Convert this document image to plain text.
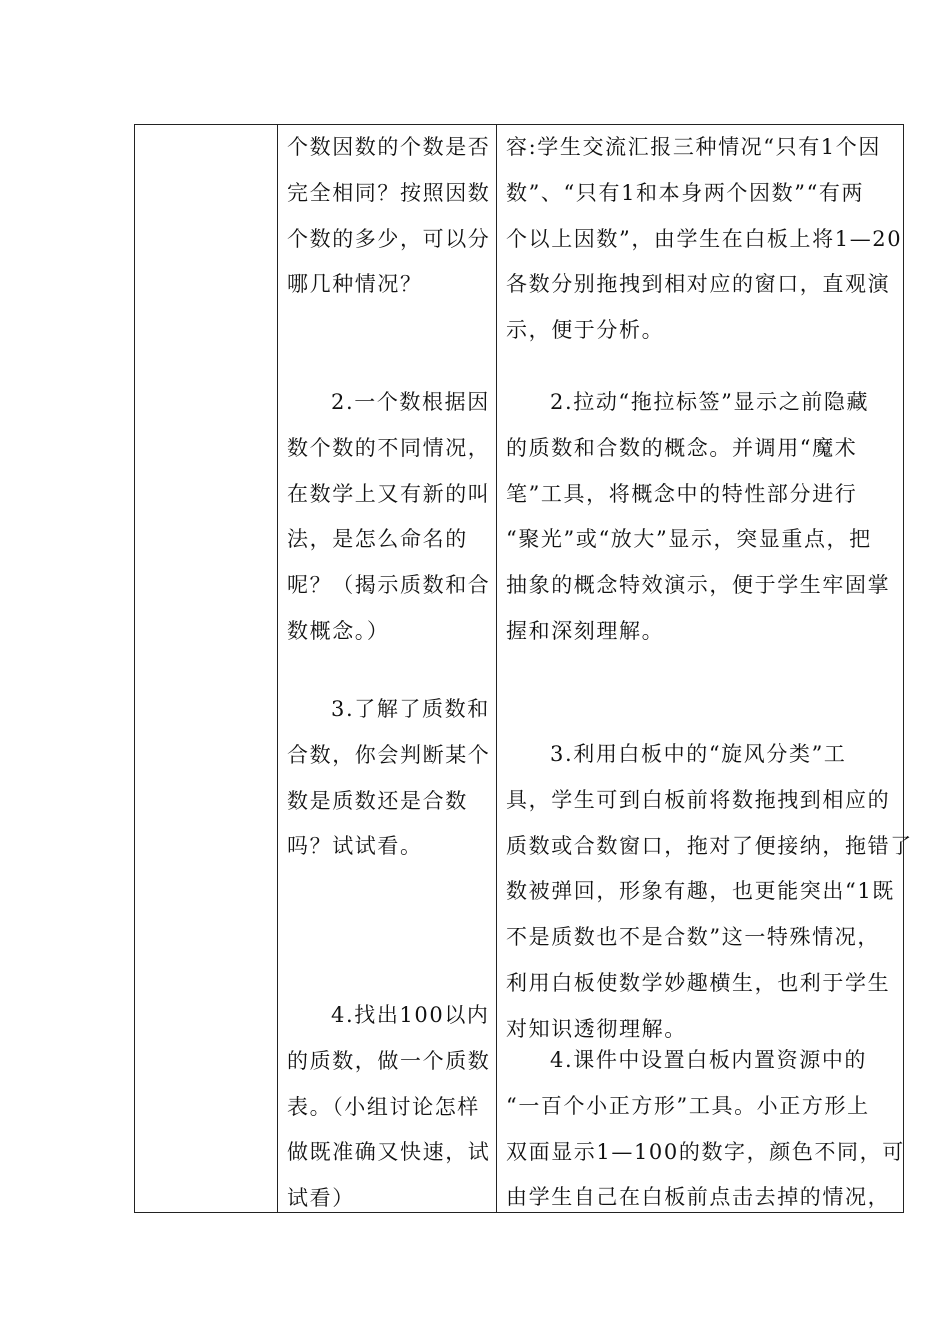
个数因数的个数是否
完全相同？按照因数
个数的多少，可以分
哪几种情况？
2.一个数根据因
数个数的不同情况，
在数学上又有新的叫
法，是怎么命名的
呢？（揭示质数和合
数概念。）
3.了解了质数和
合数，你会判断某个
数是质数还是合数
吗？试试看。
4.找出100以内
的质数，做一个质数
表。（小组讨论怎样
做既准确又快速，试
试看）
容:学生交流汇报三种情况“只有1个因
数”、“只有1和本身两个因数”“有两
个以上因数”，由学生在白板上将1—20
各数分别拖拽到相对应的窗口，直观演
示，便于分析。
2.拉动“拖拉标签”显示之前隐藏
的质数和合数的概念。并调用“魔术
笔”工具，将概念中的特性部分进行
“聚光”或“放大”显示，突显重点，把
抽象的概念特效演示，便于学生牢固掌
握和深刻理解。
3.利用白板中的“旋风分类”工
具，学生可到白板前将数拖拽到相应的
质数或合数窗口，拖对了便接纳，拖错了
数被弹回，形象有趣，也更能突出“1既
不是质数也不是合数”这一特殊情况，
利用白板使数学妙趣横生，也利于学生
对知识透彻理解。
4.课件中设置白板内置资源中的
“一百个小正方形”工具。小正方形上
双面显示1—100的数字，颜色不同，可
由学生自己在白板前点击去掉的情况，
